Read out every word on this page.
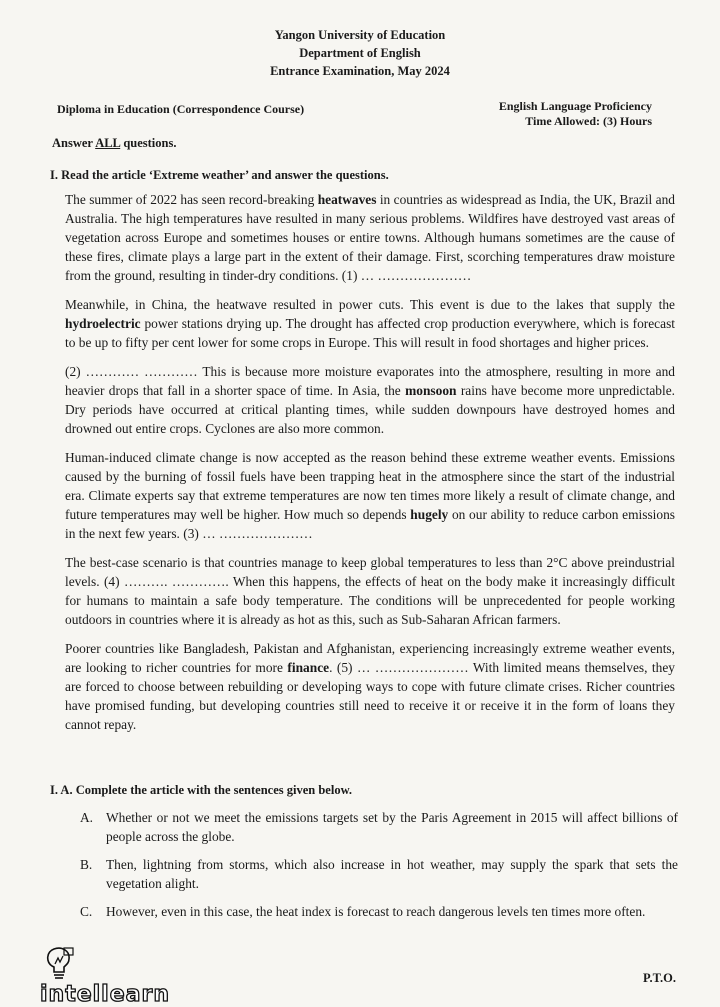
Yangon University of Education
Department of English
Entrance Examination, May 2024
Diploma in Education (Correspondence Course)	English Language Proficiency
Time Allowed: (3) Hours
Answer ALL questions.
I. Read the article ‘Extreme weather’ and answer the questions.

The summer of 2022 has seen record-breaking heatwaves in countries as widespread as India, the UK, Brazil and Australia. The high temperatures have resulted in many serious problems. Wildfires have destroyed vast areas of vegetation across Europe and sometimes houses or entire towns. Although humans sometimes are the cause of these fires, climate plays a large part in the extent of their damage. First, scorching temperatures draw moisture from the ground, resulting in tinder-dry conditions. (1) … …………………

Meanwhile, in China, the heatwave resulted in power cuts. This event is due to the lakes that supply the hydroelectric power stations drying up. The drought has affected crop production everywhere, which is forecast to be up to fifty per cent lower for some crops in Europe. This will result in food shortages and higher prices.

(2) ………… ………… This is because more moisture evaporates into the atmosphere, resulting in more and heavier drops that fall in a shorter space of time. In Asia, the monsoon rains have become more unpredictable. Dry periods have occurred at critical planting times, while sudden downpours have destroyed homes and drowned out entire crops. Cyclones are also more common.

Human-induced climate change is now accepted as the reason behind these extreme weather events. Emissions caused by the burning of fossil fuels have been trapping heat in the atmosphere since the start of the industrial era. Climate experts say that extreme temperatures are now ten times more likely a result of climate change, and future temperatures may well be higher. How much so depends hugely on our ability to reduce carbon emissions in the next few years. (3) … …………………

The best-case scenario is that countries manage to keep global temperatures to less than 2°C above preindustrial levels. (4) ………. …………. When this happens, the effects of heat on the body make it increasingly difficult for humans to maintain a safe body temperature. The conditions will be unprecedented for people working outdoors in countries where it is already as hot as this, such as Sub-Saharan African farmers.

Poorer countries like Bangladesh, Pakistan and Afghanistan, experiencing increasingly extreme weather events, are looking to richer countries for more finance. (5) … ………………… With limited means themselves, they are forced to choose between rebuilding or developing ways to cope with future climate crises. Richer countries have promised funding, but developing countries still need to receive it or receive it in the form of loans they cannot repay.

I. A. Complete the article with the sentences given below.
A. Whether or not we meet the emissions targets set by the Paris Agreement in 2015 will affect billions of people across the globe.
B.	Then, lightning from storms, which also increase in hot weather, may supply the spark that sets the vegetation alight.
C.	However, even in this case, the heat index is forecast to reach dangerous levels ten times more often.
intellearn
P.T.O.
